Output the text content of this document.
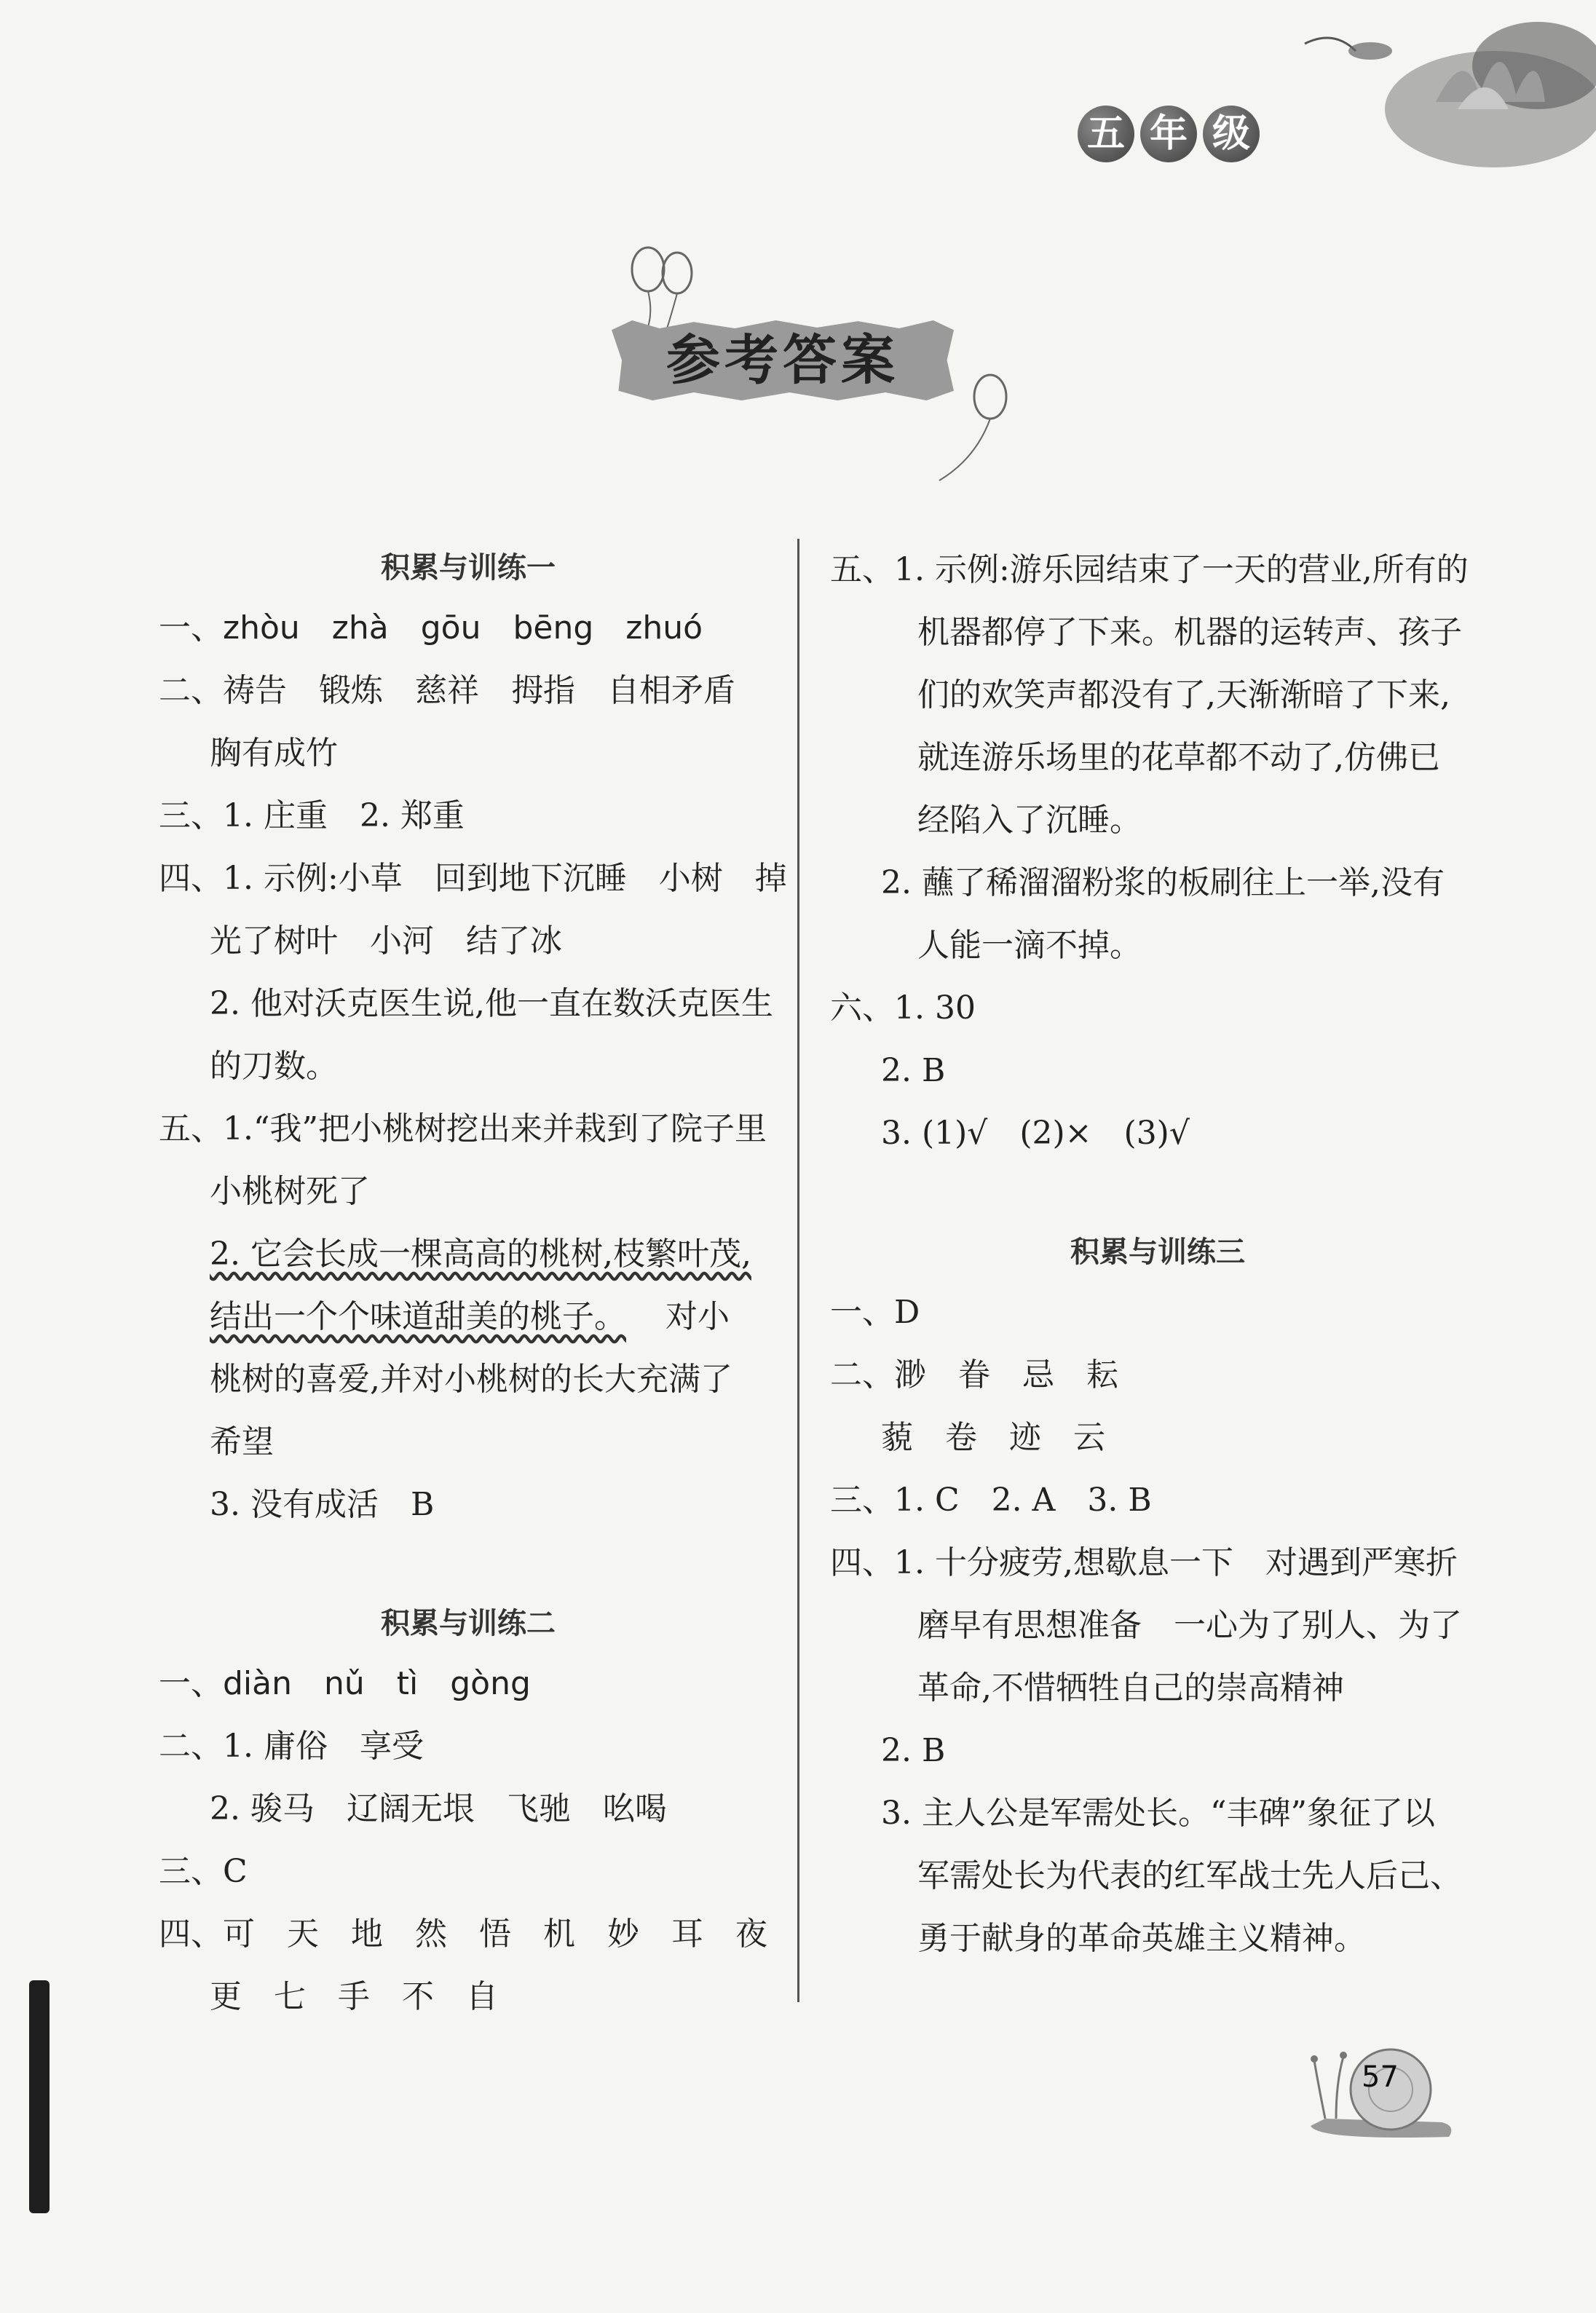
五 年 级
参考答案
积累与训练一
一、zhòu　zhà　gōu　bēng　zhuó
二、祷告　锻炼　慈祥　拇指　自相矛盾
胸有成竹
三、1. 庄重　2. 郑重
四、1. 示例:小草　回到地下沉睡　小树　掉
光了树叶　小河　结了冰
2. 他对沃克医生说,他一直在数沃克医生
的刀数。
五、1.“我”把小桃树挖出来并栽到了院子里
小桃树死了
2. 它会长成一棵高高的桃树,枝繁叶茂,
结出一个个味道甜美的桃子。 对小
桃树的喜爱,并对小桃树的长大充满了
希望
3. 没有成活　B
积累与训练二
一、diàn　nǔ　tì　gòng
二、1. 庸俗　享受
2. 骏马　辽阔无垠　飞驰　吆喝
三、C
四、可　天　地　然　悟　机　妙　耳　夜
更　七　手　不　自
五、1. 示例:游乐园结束了一天的营业,所有的
机器都停了下来。机器的运转声、孩子
们的欢笑声都没有了,天渐渐暗了下来,
就连游乐场里的花草都不动了,仿佛已
经陷入了沉睡。
2. 蘸了稀溜溜粉浆的板刷往上一举,没有
人能一滴不掉。
六、1. 30
2. B
3. (1)√　(2)×　(3)√
积累与训练三
一、D
二、渺　眷　忌　耘
藐　卷　迹　云
三、1. C　2. A　3. B
四、1. 十分疲劳,想歇息一下　对遇到严寒折
磨早有思想准备　一心为了别人、为了
革命,不惜牺牲自己的崇高精神
2. B
3. 主人公是军需处长。“丰碑”象征了以
军需处长为代表的红军战士先人后己、
勇于献身的革命英雄主义精神。
57
